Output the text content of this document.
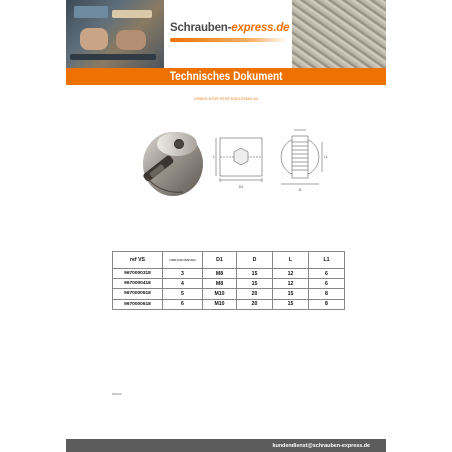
Schrauben-express.de
Technisches Dokument
VS9670-STOP STOP EDELSTAHL A4
D1
L	L1
D
ref VS	KABELDURCHMESSER	D1	D	L	L1
9670000318	3	M8	15	12	6
9670000418	4	M8	15	12	6
9670000518	5	M10	20	15	8
9670000618	6	M10	20	15	8
09/2013
kundendienst@schrauben-express.de
